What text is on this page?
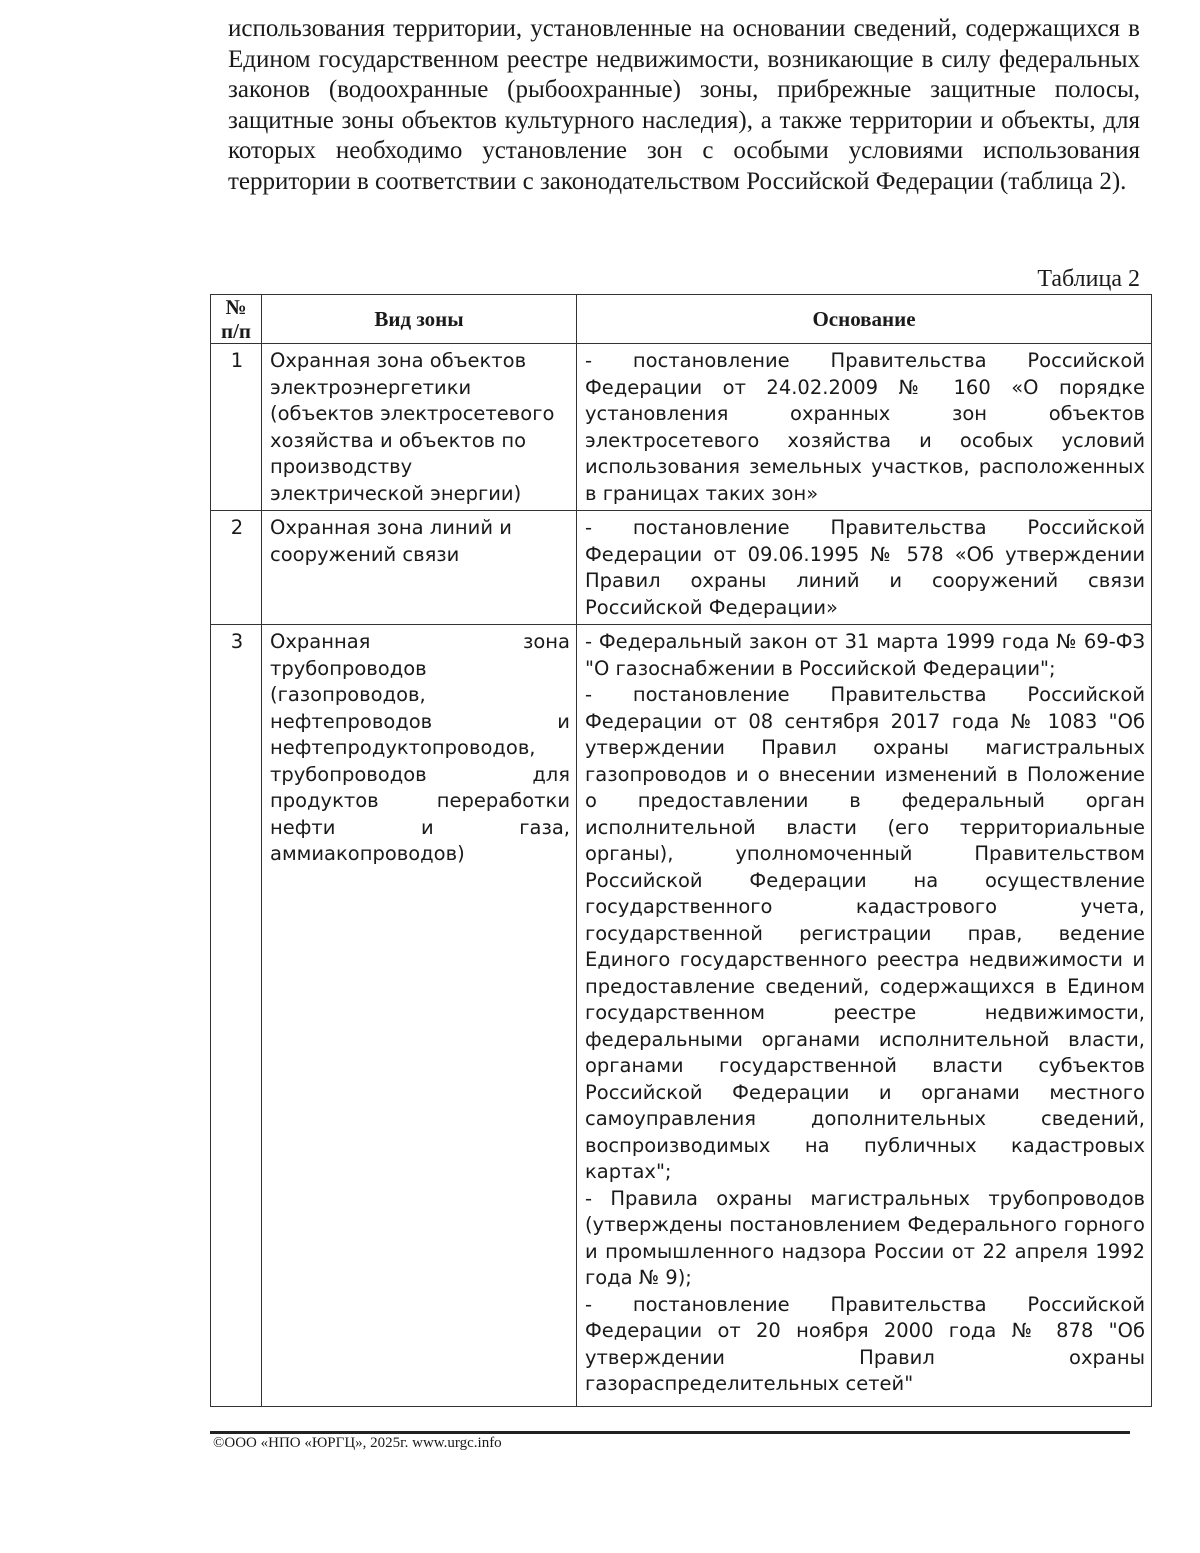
использования территории, установленные на основании сведений, содержащихся в Едином государственном реестре недвижимости, возникающие в силу федеральных законов (водоохранные (рыбоохранные) зоны, прибрежные защитные полосы, защитные зоны объектов культурного наследия), а также территории и объекты, для которых необходимо установление зон с особыми условиями использования территории в соответствии с законодательством Российской Федерации (таблица 2).

Таблица 2
№ п/п	Вид зоны	Основание
1	Охранная зона объектов электроэнергетики (объектов электросетевого хозяйства и объектов по производству электрической энергии)	- постановление Правительства Российской Федерации от 24.02.2009 № 160 «О порядке установления охранных зон объектов электросетевого хозяйства и особых условий использования земельных участков, расположенных в границах таких зон»

2	Охранная зона линий и сооружений связи	- постановление Правительства Российской Федерации от 09.06.1995 № 578 «Об утверждении Правил охраны линий и сооружений связи Российской Федерации»

3	Охранная зона трубопроводов (газопроводов, нефтепроводов и нефтепродуктопроводов, трубопроводов для продуктов переработки нефти и газа, аммиакопроводов)	- Федеральный закон от 31 марта 1999 года № 69-ФЗ "О газоснабжении в Российской Федерации";

- постановление Правительства Российской Федерации от 08 сентября 2017 года № 1083 "Об утверждении Правил охраны магистральных газопроводов и о внесении изменений в Положение о предоставлении в федеральный орган исполнительной власти (его территориальные органы), уполномоченный Правительством Российской Федерации на осуществление государственного кадастрового учета, государственной регистрации прав, ведение Единого государственного реестра недвижимости и предоставление сведений, содержащихся в Едином государственном реестре недвижимости, федеральными органами исполнительной власти, органами государственной власти субъектов Российской Федерации и органами местного самоуправления дополнительных сведений, воспроизводимых на публичных кадастровых картах";

- Правила охраны магистральных трубопроводов (утверждены постановлением Федерального горного и промышленного надзора России от 22 апреля 1992 года № 9);

- постановление Правительства Российской Федерации от 20 ноября 2000 года № 878 "Об утверждении Правил охраны газораспределительных сетей"

©ООО «НПО «ЮРГЦ», 2025г. www.urgc.info
